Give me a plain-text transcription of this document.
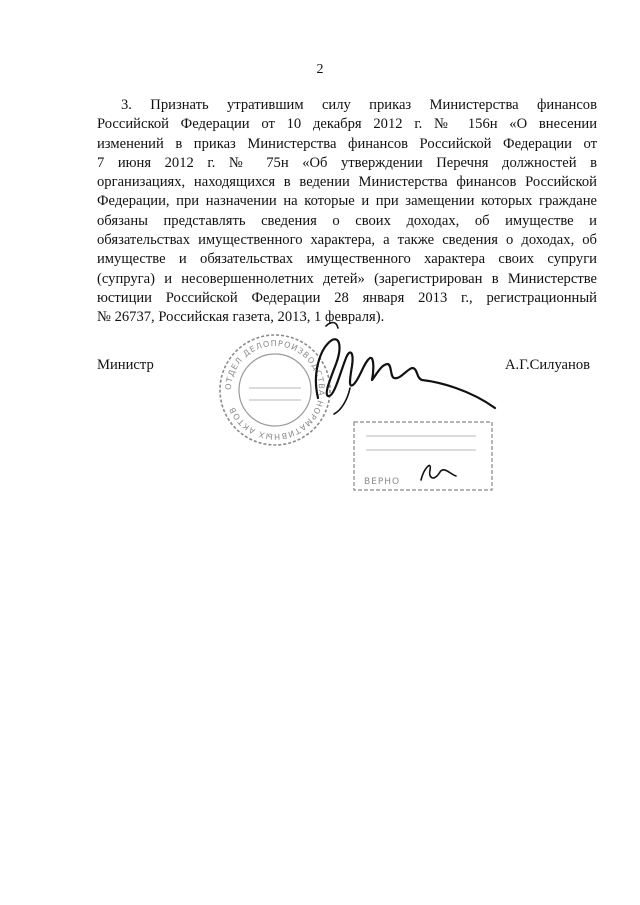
2
3. Признать утратившим силу приказ Министерства финансов
Российской Федерации от 10 декабря 2012 г. № 156н «О внесении
изменений в приказ Министерства финансов Российской Федерации от
7 июня 2012 г. № 75н «Об утверждении Перечня должностей в
организациях, находящихся в ведении Министерства финансов Российской
Федерации, при назначении на которые и при замещении которых граждане
обязаны представлять сведения о своих доходах, об имуществе и
обязательствах имущественного характера, а также сведения о доходах, об
имуществе и обязательствах имущественного характера своих супруги
(супруга) и несовершеннолетних детей» (зарегистрирован в Министерстве
юстиции Российской Федерации 28 января 2013 г., регистрационный
№ 26737, Российская газета, 2013, 1 февраля).
Министр
ОТДЕЛ ДЕЛОПРОИЗВОДСТВА НОРМАТИВНЫХ АКТОВ
А.Г.Силуанов
ВЕРНО
